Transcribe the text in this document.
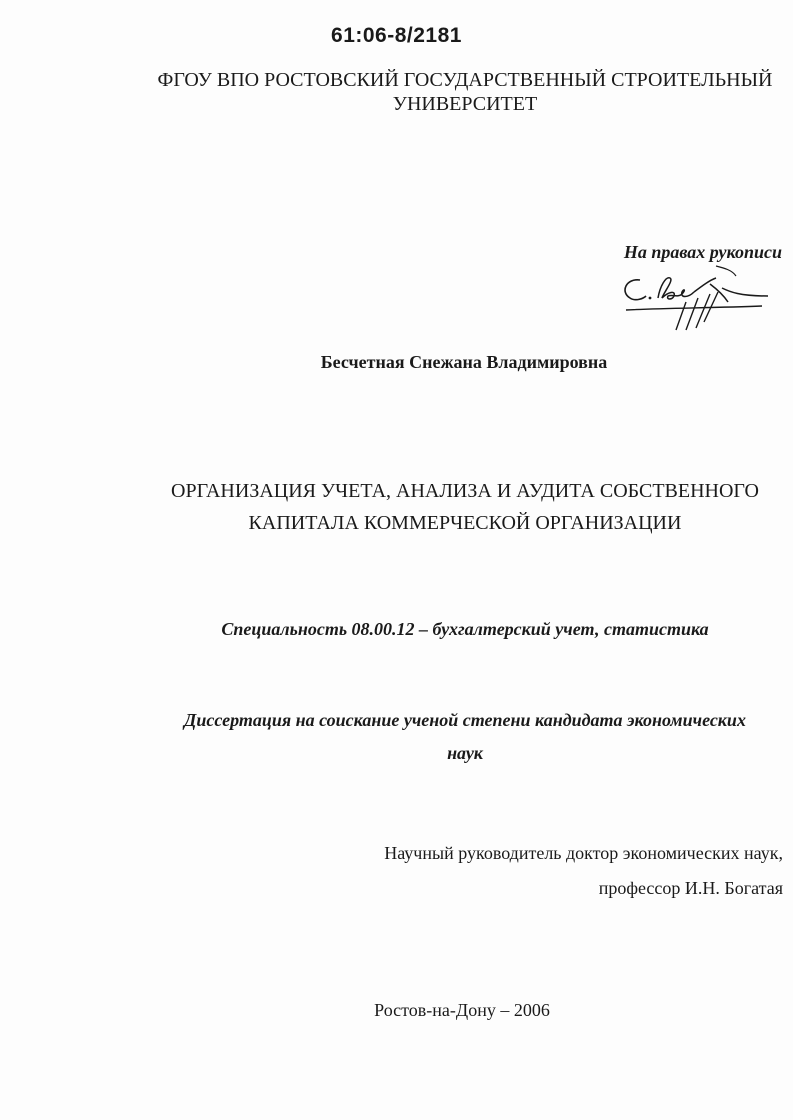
61:06-8/2181
ФГОУ ВПО РОСТОВСКИЙ ГОСУДАРСТВЕННЫЙ СТРОИТЕЛЬНЫЙ УНИВЕРСИТЕТ
На правах рукописи
Бесчетная Снежана Владимировна
ОРГАНИЗАЦИЯ УЧЕТА, АНАЛИЗА И АУДИТА СОБСТВЕННОГО
КАПИТАЛА КОММЕРЧЕСКОЙ ОРГАНИЗАЦИИ
Специальность 08.00.12 – бухгалтерский учет, статистика
Диссертация на соискание ученой степени кандидата экономических
наук
Научный руководитель доктор экономических наук,
профессор И.Н. Богатая
Ростов-на-Дону – 2006
